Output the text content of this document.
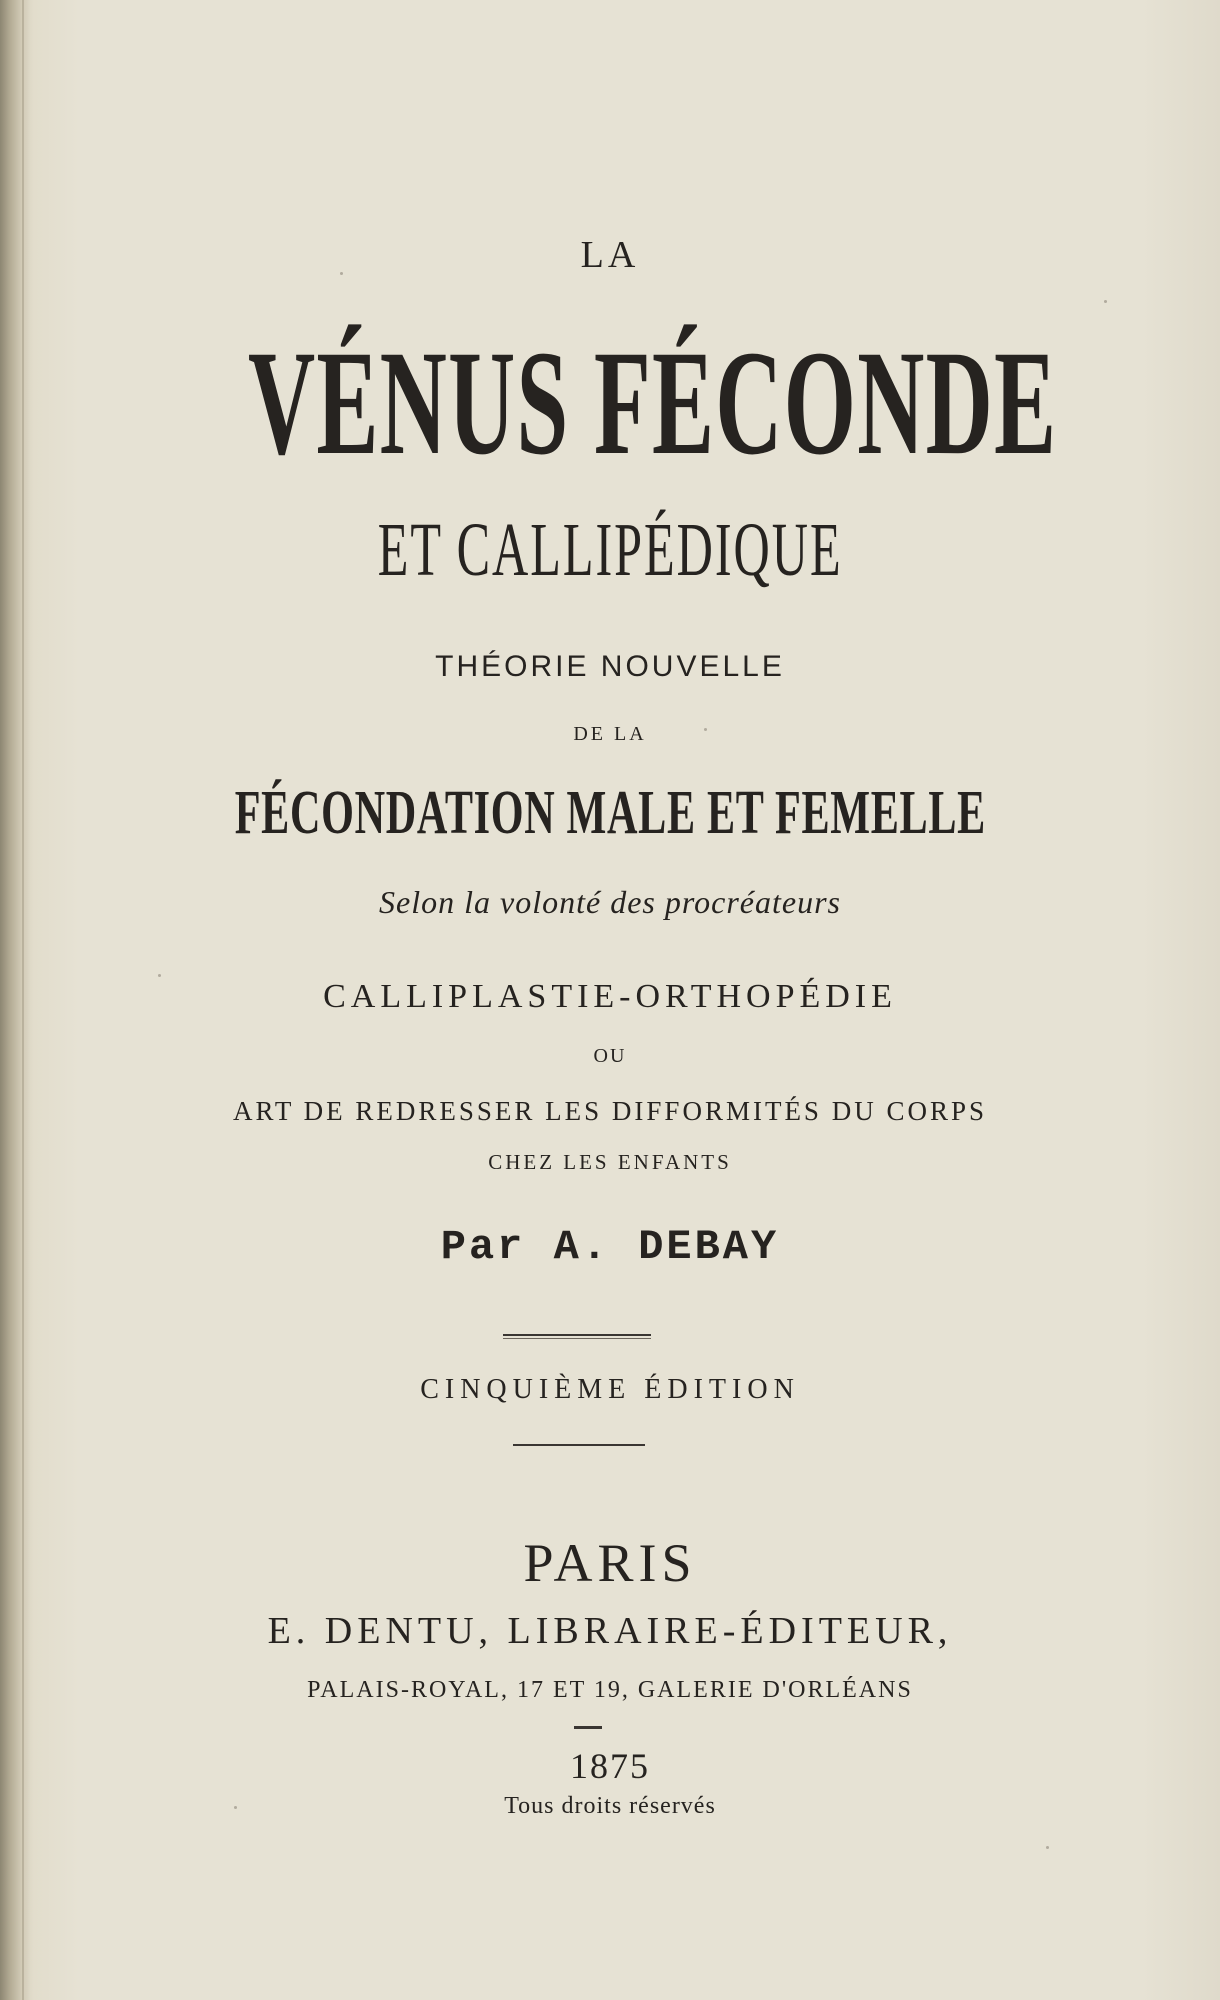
LA
VÉNUS FÉCONDE
ET CALLIPÉDIQUE
THÉORIE NOUVELLE
DE LA
FÉCONDATION MALE ET FEMELLE
Selon la volonté des procréateurs
CALLIPLASTIE-ORTHOPÉDIE
OU
ART DE REDRESSER LES DIFFORMITÉS DU CORPS
CHEZ LES ENFANTS
Par A. DEBAY
CINQUIÈME ÉDITION
PARIS
E. DENTU, LIBRAIRE-ÉDITEUR,
PALAIS-ROYAL, 17 ET 19, GALERIE D'ORLÉANS
1875
Tous droits réservés
